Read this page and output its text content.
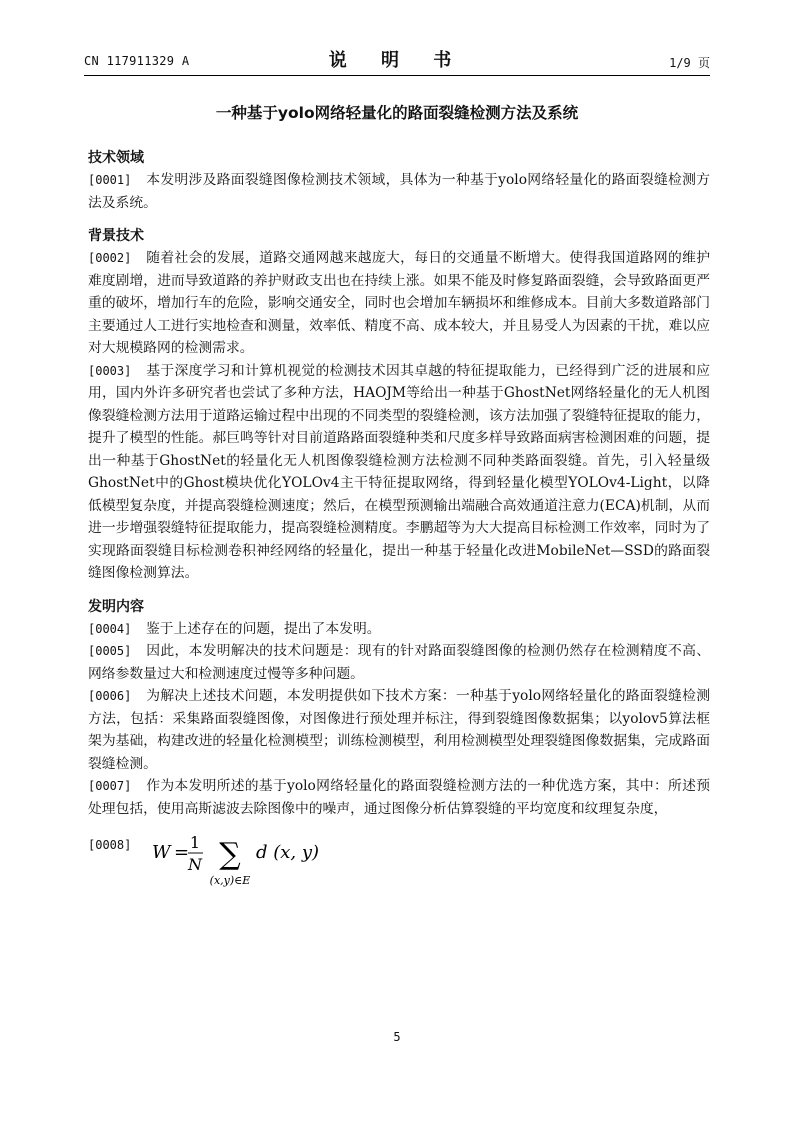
CN 117911329 A	说 明 书	1/9 页
一种基于yolo网络轻量化的路面裂缝检测方法及系统
技术领域

[0001] 本发明涉及路面裂缝图像检测技术领域，具体为一种基于yolo网络轻量化的路面裂缝检测方法及系统。

背景技术

[0002] 随着社会的发展，道路交通网越来越庞大，每日的交通量不断增大。使得我国道路网的维护难度剧增，进而导致道路的养护财政支出也在持续上涨。如果不能及时修复路面裂缝，会导致路面更严重的破坏，增加行车的危险，影响交通安全，同时也会增加车辆损坏和维修成本。目前大多数道路部门主要通过人工进行实地检查和测量，效率低、精度不高、成本较大，并且易受人为因素的干扰，难以应对大规模路网的检测需求。

[0003] 基于深度学习和计算机视觉的检测技术因其卓越的特征提取能力，已经得到广泛的进展和应用，国内外许多研究者也尝试了多种方法，HAOJM等给出一种基于GhostNet网络轻量化的无人机图像裂缝检测方法用于道路运输过程中出现的不同类型的裂缝检测，该方法加强了裂缝特征提取的能力，提升了模型的性能。郝巨鸣等针对目前道路路面裂缝种类和尺度多样导致路面病害检测困难的问题，提出一种基于GhostNet的轻量化无人机图像裂缝检测方法检测不同种类路面裂缝。首先，引入轻量级GhostNet中的Ghost模块优化YOLOv4主干特征提取网络，得到轻量化模型YOLOv4-Light，以降低模型复杂度，并提高裂缝检测速度；然后，在模型预测输出端融合高效通道注意力(ECA)机制，从而进一步增强裂缝特征提取能力，提高裂缝检测精度。李鹏超等为大大提高目标检测工作效率，同时为了实现路面裂缝目标检测卷积神经网络的轻量化，提出一种基于轻量化改进MobileNet—SSD的路面裂缝图像检测算法。

发明内容

[0004] 鉴于上述存在的问题，提出了本发明。

[0005] 因此，本发明解决的技术问题是：现有的针对路面裂缝图像的检测仍然存在检测精度不高、网络参数量过大和检测速度过慢等多种问题。

[0006] 为解决上述技术问题，本发明提供如下技术方案：一种基于yolo网络轻量化的路面裂缝检测方法，包括：采集路面裂缝图像，对图像进行预处理并标注，得到裂缝图像数据集；以yolov5算法框架为基础，构建改进的轻量化检测模型；训练检测模型，利用检测模型处理裂缝图像数据集，完成路面裂缝检测。

[0007] 作为本发明所述的基于yolo网络轻量化的路面裂缝检测方法的一种优选方案，其中：所述预处理包括，使用高斯滤波去除图像中的噪声，通过图像分析估算裂缝的平均宽度和纹理复杂度，

[0008]	W = 1
N ∑
(x,y)∈E
d (x, y)
5
